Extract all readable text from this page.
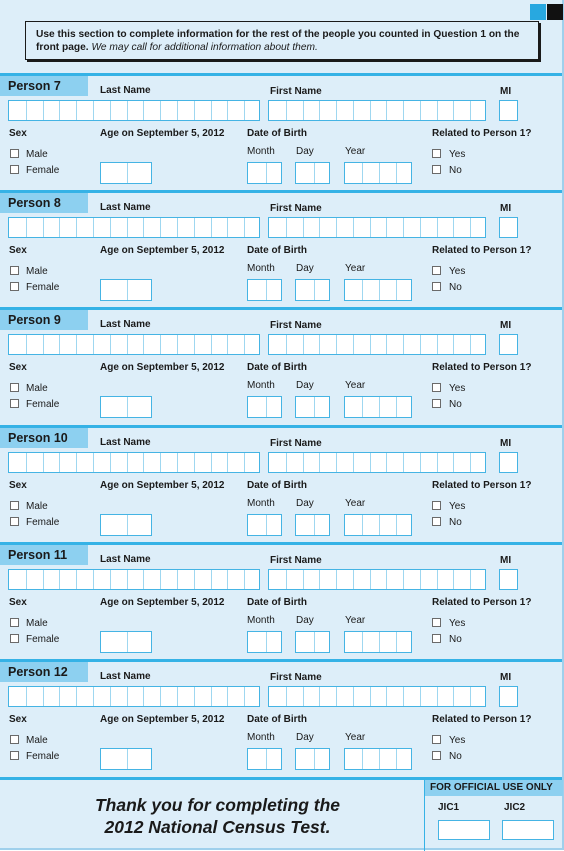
Use this section to complete information for the rest of the people you counted in Question 1 on the front page. We may call for additional information about them.
Person 7	Last Name	First Name	MI
Sex	Age on September 5, 2012 Date of Birth	Related to Person 1?
Male
Female
Month Day	Year	Yes
No
Person 8	Last Name	First Name	MI
Sex	Age on September 5, 2012 Date of Birth	Related to Person 1?
Male
Female
Month Day	Year	Yes
No
Person 9	Last Name	First Name	MI
Sex	Age on September 5, 2012 Date of Birth	Related to Person 1?
Male
Female
Month Day	Year	Yes
No
Person 10	Last Name	First Name	MI
Sex	Age on September 5, 2012 Date of Birth	Related to Person 1?
Male
Female
Month Day	Year	Yes
No
Person 11	Last Name	First Name	MI
Sex	Age on September 5, 2012 Date of Birth	Related to Person 1?
Male
Female
Month Day	Year	Yes
No
Person 12	Last Name	First Name	MI
Sex	Age on September 5, 2012 Date of Birth	Related to Person 1?
Male
Female
Month Day	Year	Yes
No
Thank you for completing the
2012 National Census Test.
FOR OFFICIAL USE ONLY
JIC1	JIC2
